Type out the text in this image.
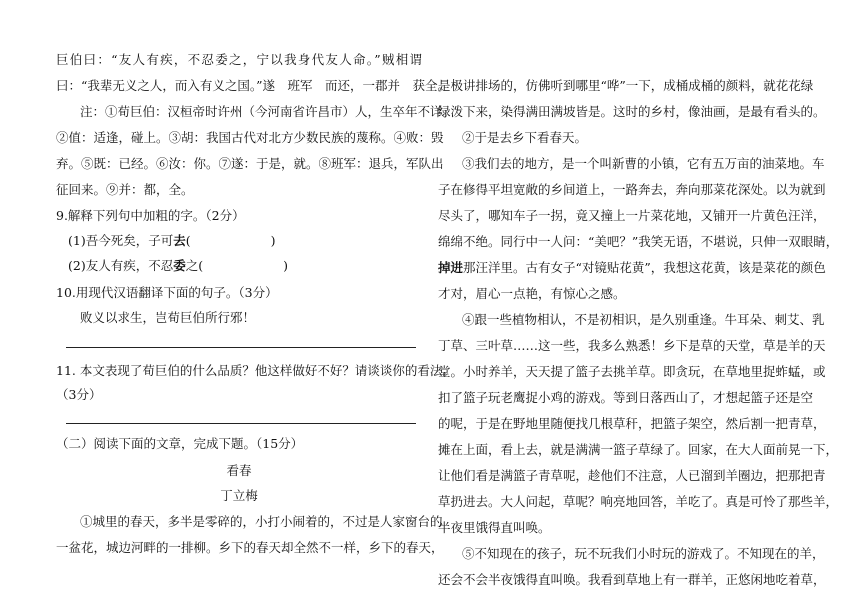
巨伯曰：“友人有疾，不忍委之，宁以我身代友人命。”贼相谓
曰：“我辈无义之人，而入有义之国。”遂　班军　而还，一郡并　获全。
注：①荀巨伯：汉桓帝时许州（今河南省许昌市）人，生卒年不详。
②值：适逢，碰上。③胡：我国古代对北方少数民族的蔑称。④败：毁
弃。⑤既：已经。⑥汝：你。⑦遂：于是，就。⑧班军：退兵，军队出
征回来。⑨并：都，全。
9.解释下列句中加粗的字。（2分）
(1)吾今死矣，子可去(	)
(2)友人有疾，不忍委之(	)
10.用现代汉语翻译下面的句子。（3分）
败义以求生，岂荀巨伯所行邪！
11. 本文表现了荀巨伯的什么品质？他这样做好不好？请谈谈你的看法。
（3分）
（二）阅读下面的文章，完成下题。（15分）
看春
丁立梅
①城里的春天，多半是零碎的，小打小闹着的，不过是人家窗台的
一盆花，城边河畔的一排柳。乡下的春天却全然不一样，乡下的春天，
是极讲排场的，仿佛听到哪里“哗”一下，成桶成桶的颜料，就花花绿
绿泼下来，染得满田满坡皆是。这时的乡村，像油画，是最有看头的。
②于是去乡下看春天。
③我们去的地方，是一个叫新曹的小镇，它有五万亩的油菜地。车
子在修得平坦宽敞的乡间道上，一路奔去，奔向那菜花深处。以为就到
尽头了，哪知车子一拐，竟又撞上一片菜花地，又铺开一片黄色汪洋，
绵绵不绝。同行中一人问：“美吧？”我笑无语，不堪说，只伸一双眼睛，
掉进那汪洋里。古有女子“对镜贴花黄”，我想这花黄，该是菜花的颜色
才对，眉心一点艳，有惊心之感。
④跟一些植物相认，不是初相识，是久别重逢。牛耳朵、刺艾、乳
丁草、三叶草……这一些，我多么熟悉！乡下是草的天堂，草是羊的天
堂。小时养羊，天天提了篮子去挑羊草。即贪玩，在草地里捉蚱蜢，或
扣了篮子玩老鹰捉小鸡的游戏。等到日落西山了，才想起篮子还是空
的呢，于是在野地里随便找几根草秆，把篮子架空，然后割一把青草，
摊在上面，看上去，就是满满一篮子草绿了。回家，在大人面前晃一下，
让他们看是满篮子青草呢，趁他们不注意，人已溜到羊圈边，把那把青
草扔进去。大人问起，草呢？响亮地回答，羊吃了。真是可怜了那些羊，
半夜里饿得直叫唤。
⑤不知现在的孩子，玩不玩我们小时玩的游戏了。不知现在的羊，
还会不会半夜饿得直叫唤。我看到草地上有一群羊，正悠闲地吃着草，
